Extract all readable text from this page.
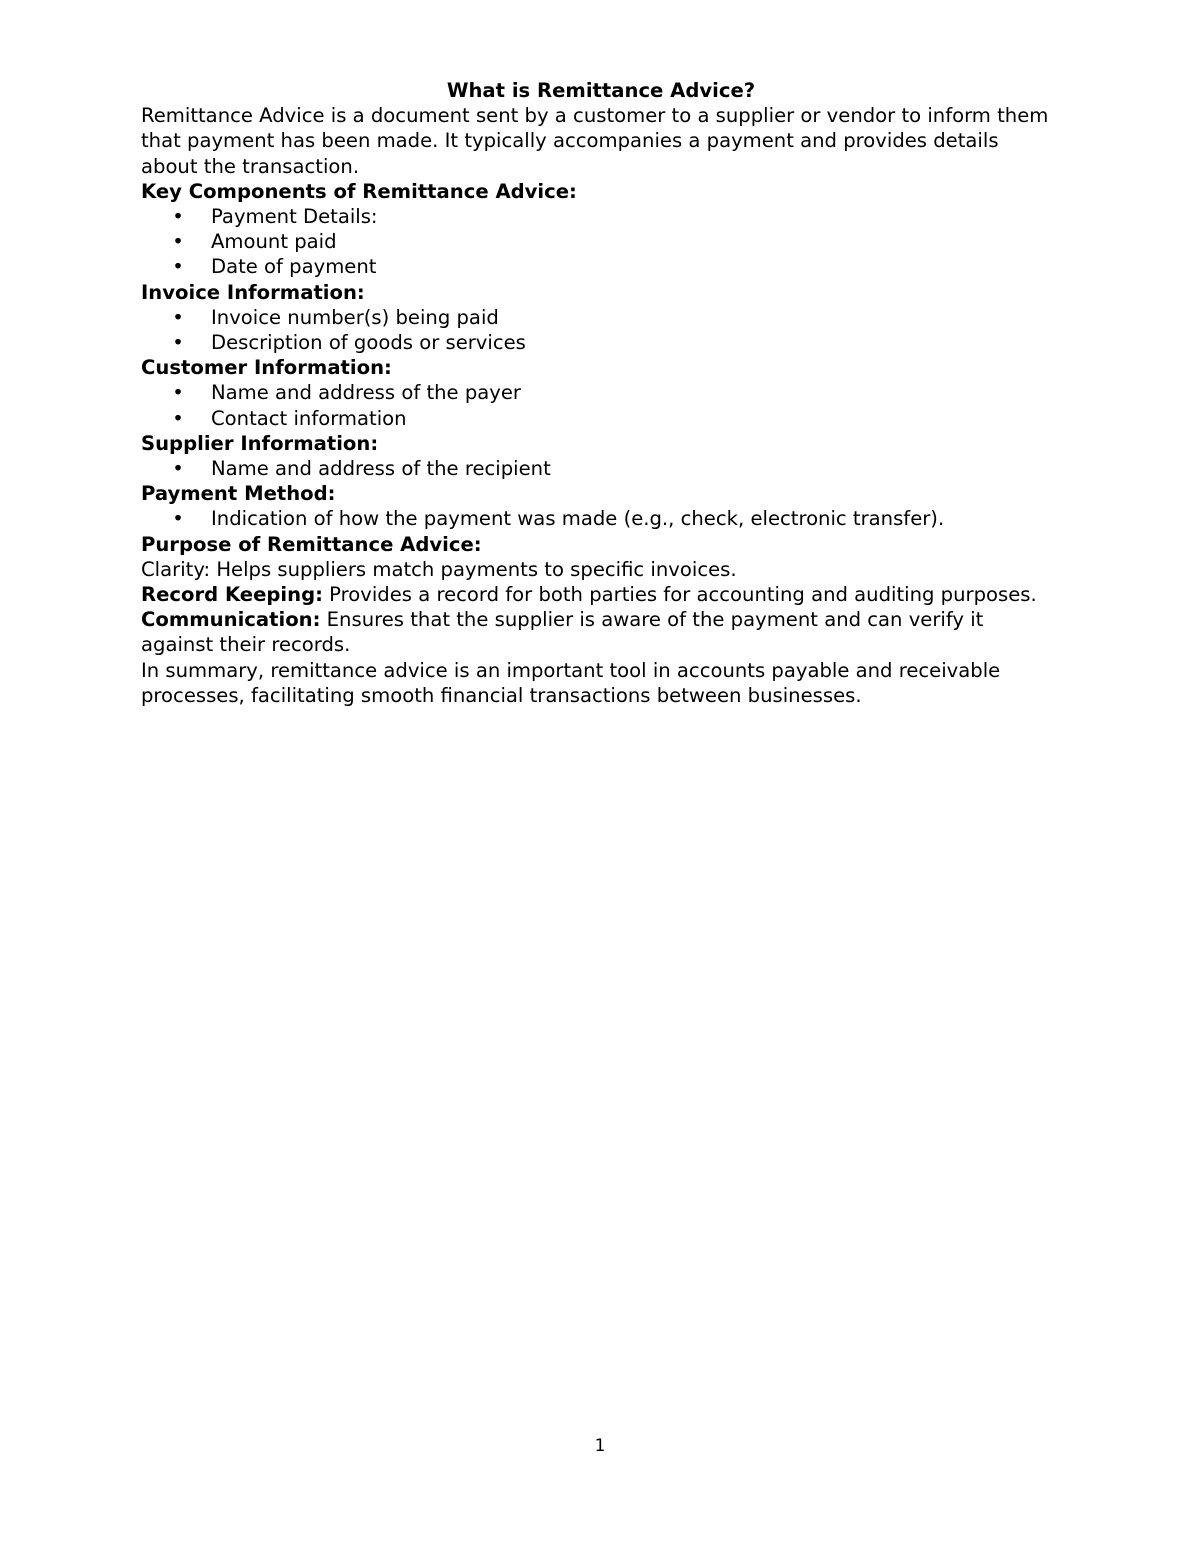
What is Remittance Advice?

Remittance Advice is a document sent by a customer to a supplier or vendor to inform them that payment has been made. It typically accompanies a payment and provides details about the transaction.

Key Components of Remittance Advice:

• Payment Details:
• Amount paid
• Date of payment

Invoice Information:

• Invoice number(s) being paid
• Description of goods or services

Customer Information:

• Name and address of the payer
• Contact information

Supplier Information:

• Name and address of the recipient

Payment Method:

• Indication of how the payment was made (e.g., check, electronic transfer).

Purpose of Remittance Advice:

Clarity: Helps suppliers match payments to specific invoices.

Record Keeping: Provides a record for both parties for accounting and auditing purposes.

Communication: Ensures that the supplier is aware of the payment and can verify it against their records.

In summary, remittance advice is an important tool in accounts payable and receivable processes, facilitating smooth financial transactions between businesses.

1
